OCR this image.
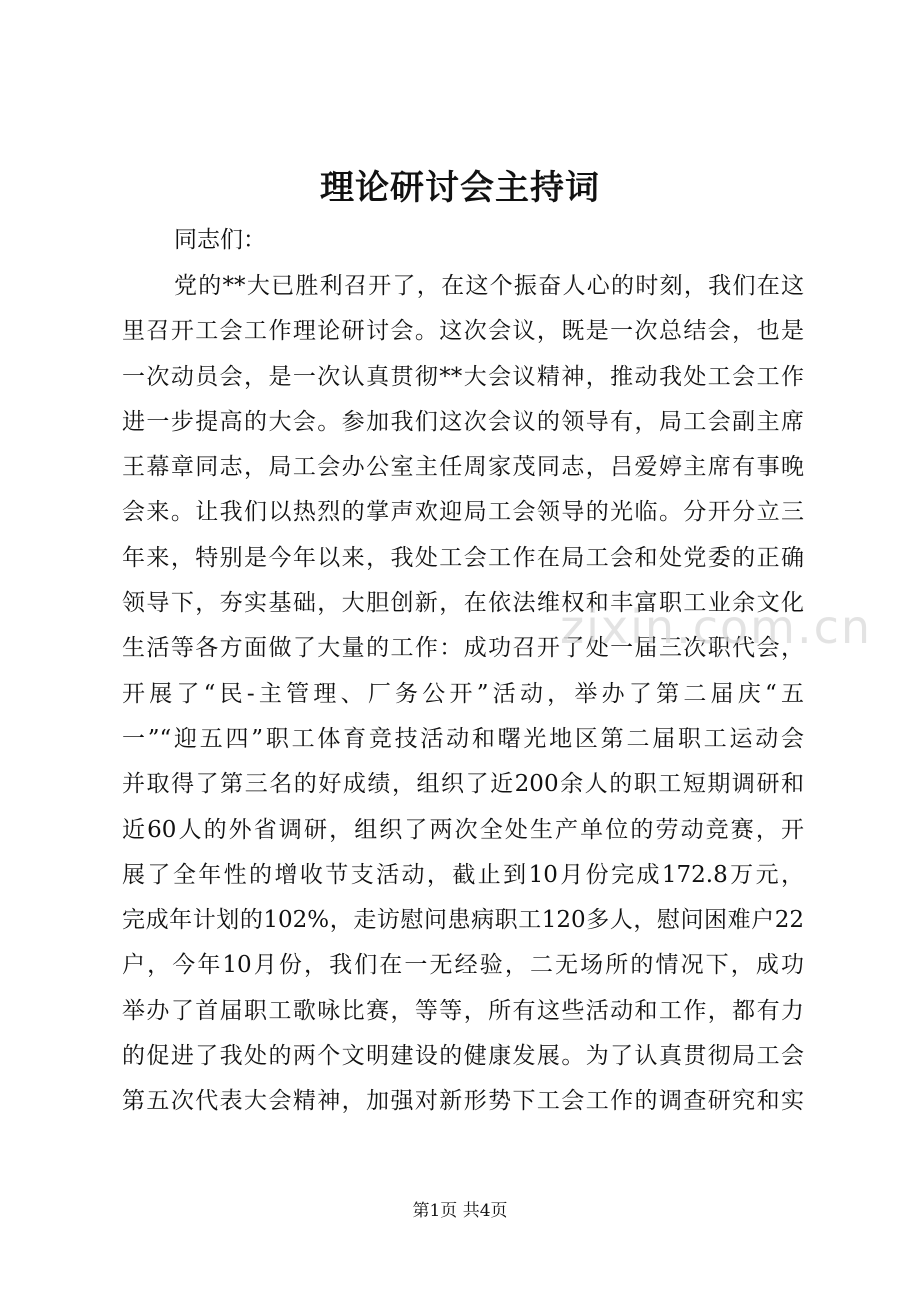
理论研讨会主持词
同志们：
党的**大已胜利召开了，在这个振奋人心的时刻，我们在这
里召开工会工作理论研讨会。这次会议，既是一次总结会，也是
一次动员会，是一次认真贯彻**大会议精神，推动我处工会工作
进一步提高的大会。参加我们这次会议的领导有，局工会副主席
王幕章同志，局工会办公室主任周家茂同志，吕爱婷主席有事晚
会来。让我们以热烈的掌声欢迎局工会领导的光临。分开分立三
年来，特别是今年以来，我处工会工作在局工会和处党委的正确
领导下，夯实基础，大胆创新，在依法维权和丰富职工业余文化
生活等各方面做了大量的工作：成功召开了处一届三次职代会，
开展了“民-主管理、厂务公开”活动，举办了第二届庆“五
一”“迎五四”职工体育竞技活动和曙光地区第二届职工运动会
并取得了第三名的好成绩，组织了近200余人的职工短期调研和
近60人的外省调研，组织了两次全处生产单位的劳动竞赛，开
展了全年性的增收节支活动，截止到10月份完成172.8万元，
完成年计划的102%，走访慰问患病职工120多人，慰问困难户22
户，今年10月份，我们在一无经验，二无场所的情况下，成功
举办了首届职工歌咏比赛，等等，所有这些活动和工作，都有力
的促进了我处的两个文明建设的健康发展。为了认真贯彻局工会
第五次代表大会精神，加强对新形势下工会工作的调查研究和实
zixin.com.cn
第1页 共4页
